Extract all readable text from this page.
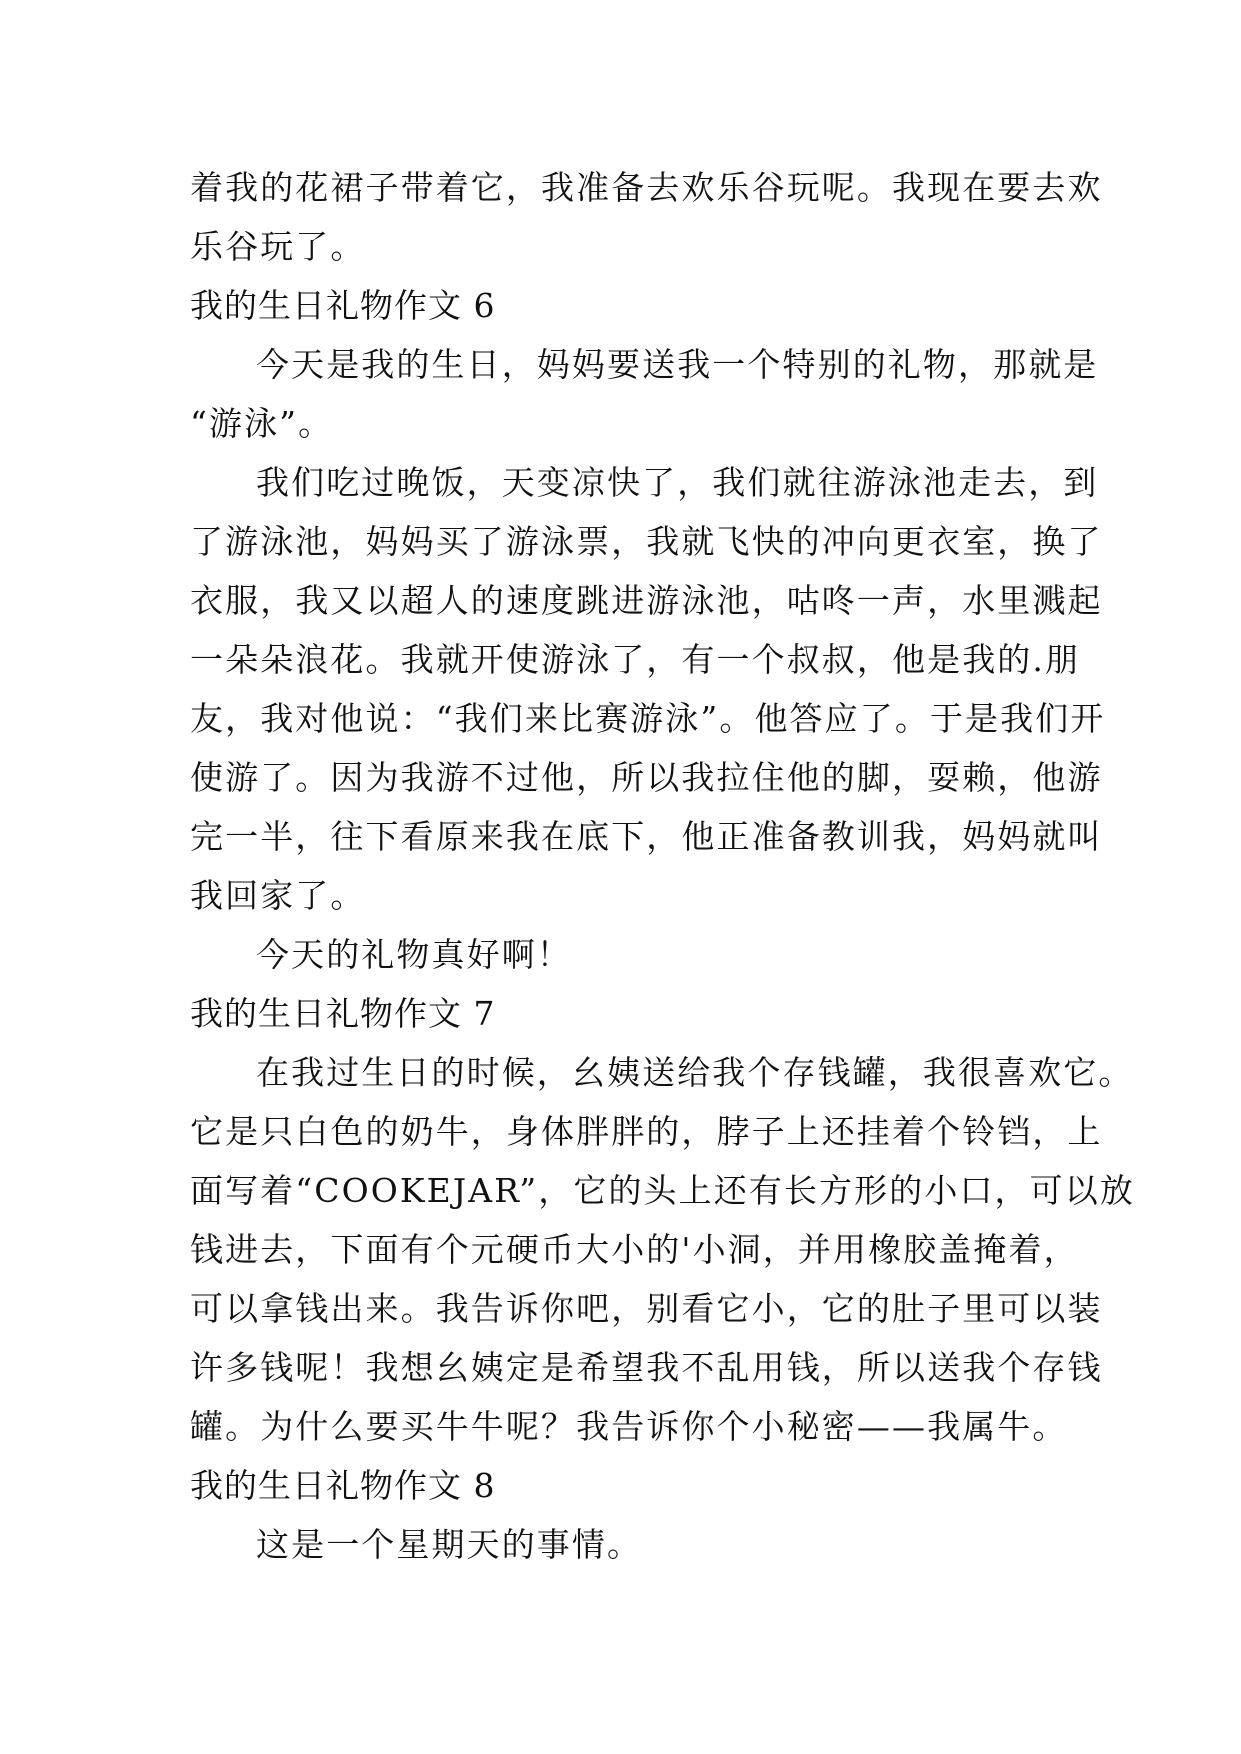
着我的花裙子带着它，我准备去欢乐谷玩呢。我现在要去欢
乐谷玩了。
我的生日礼物作文 6
今天是我的生日，妈妈要送我一个特别的礼物，那就是
“游泳”。
我们吃过晚饭，天变凉快了，我们就往游泳池走去，到
了游泳池，妈妈买了游泳票，我就飞快的冲向更衣室，换了
衣服，我又以超人的速度跳进游泳池，咕咚一声，水里溅起
一朵朵浪花。我就开使游泳了，有一个叔叔，他是我的.朋
友，我对他说：“我们来比赛游泳”。他答应了。于是我们开
使游了。因为我游不过他，所以我拉住他的脚，耍赖，他游
完一半，往下看原来我在底下，他正准备教训我，妈妈就叫
我回家了。
今天的礼物真好啊！
我的生日礼物作文 7
在我过生日的时候，幺姨送给我个存钱罐，我很喜欢它。
它是只白色的奶牛，身体胖胖的，脖子上还挂着个铃铛，上
面写着“COOKEJAR”，它的头上还有长方形的小口，可以放
钱进去，下面有个元硬币大小的'小洞，并用橡胶盖掩着，
可以拿钱出来。我告诉你吧，别看它小，它的肚子里可以装
许多钱呢！我想幺姨定是希望我不乱用钱，所以送我个存钱
罐。为什么要买牛牛呢？我告诉你个小秘密——我属牛。
我的生日礼物作文 8
这是一个星期天的事情。
